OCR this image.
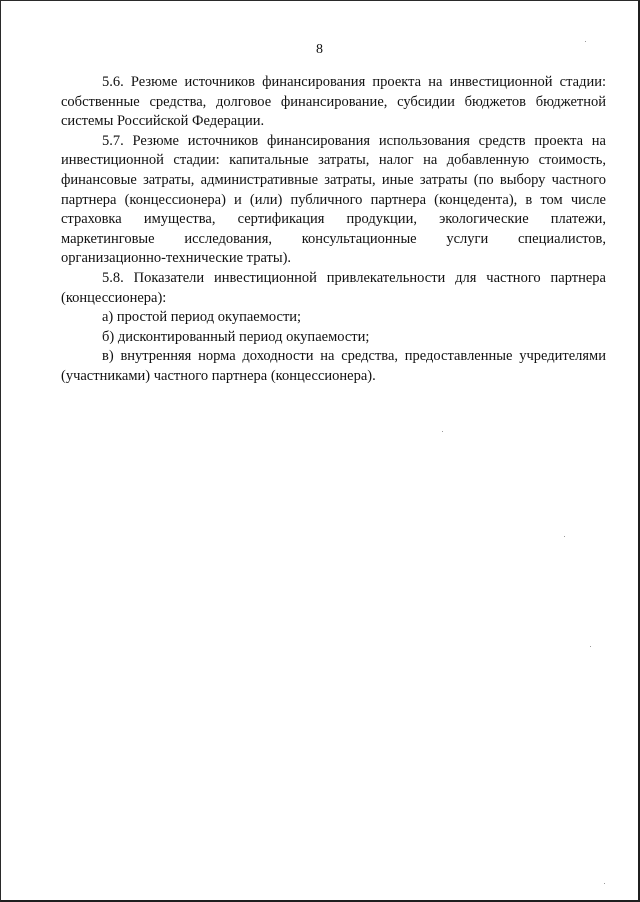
8

5.6. Резюме источников финансирования проекта на инвестиционной стадии: собственные средства, долговое финансирование, субсидии бюджетов бюджетной системы Российской Федерации.

5.7. Резюме источников финансирования использования средств проекта на инвестиционной стадии: капитальные затраты, налог на добавленную стоимость, финансовые затраты, административные затраты, иные затраты (по выбору частного партнера (концессионера) и (или) публичного партнера (концедента), в том числе страховка имущества, сертификация продукции, экологические платежи, маркетинговые исследования, консультационные услуги специалистов, организационно-технические траты).

5.8. Показатели инвестиционной привлекательности для частного партнера (концессионера):

а) простой период окупаемости;

б) дисконтированный период окупаемости;

в) внутренняя норма доходности на средства, предоставленные учредителями (участниками) частного партнера (концессионера).
